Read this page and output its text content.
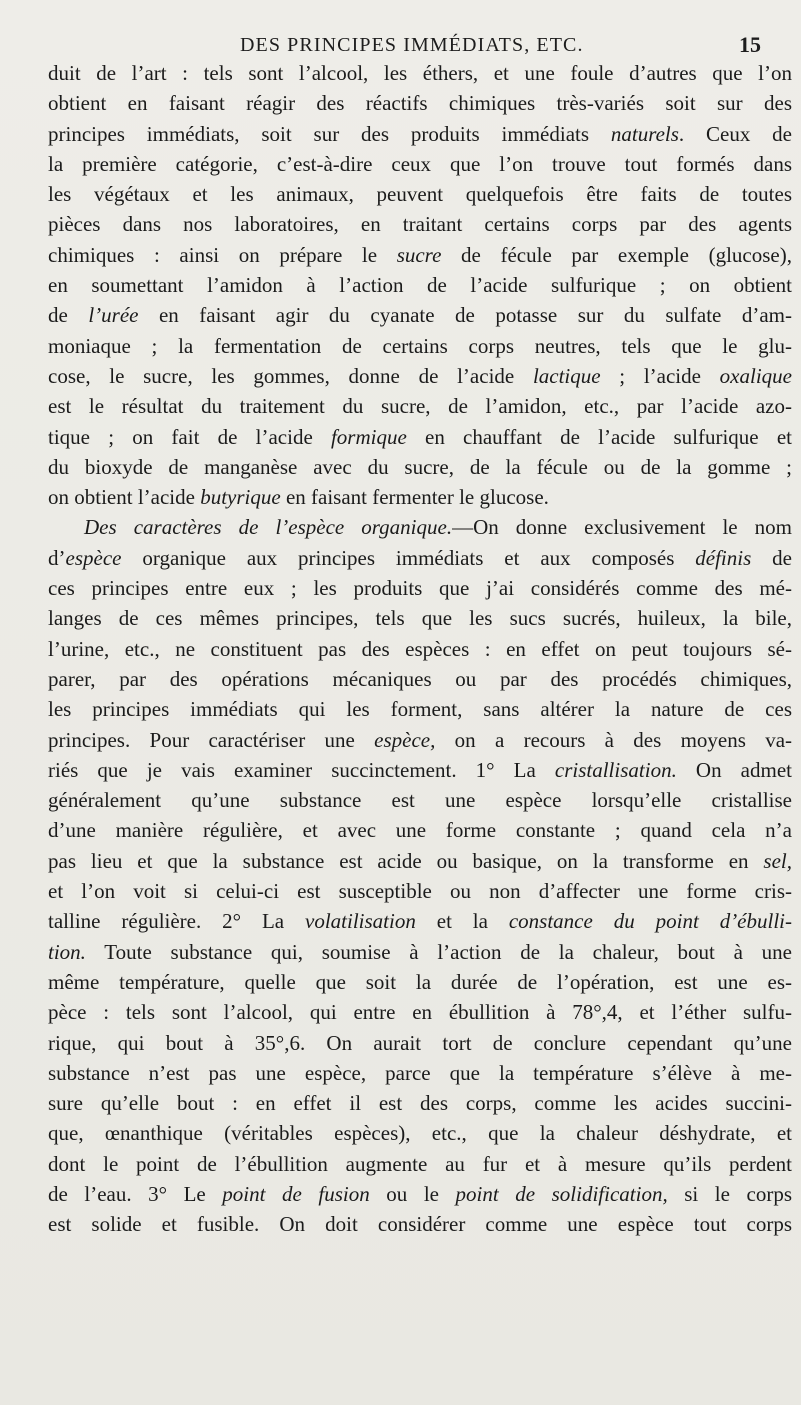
DES PRINCIPES IMMÉDIATS, ETC.	15
duit de l’art : tels sont l’alcool, les éthers, et une foule d’autres que l’on
obtient en faisant réagir des réactifs chimiques très-variés soit sur des
principes immédiats, soit sur des produits immédiats naturels. Ceux de
la première catégorie, c’est-à-dire ceux que l’on trouve tout formés dans
les végétaux et les animaux, peuvent quelquefois être faits de toutes
pièces dans nos laboratoires, en traitant certains corps par des agents
chimiques : ainsi on prépare le sucre de fécule par exemple (glucose),
en soumettant l’amidon à l’action de l’acide sulfurique ; on obtient
de l’urée en faisant agir du cyanate de potasse sur du sulfate d’am-
moniaque ; la fermentation de certains corps neutres, tels que le glu-
cose, le sucre, les gommes, donne de l’acide lactique ; l’acide oxalique
est le résultat du traitement du sucre, de l’amidon, etc., par l’acide azo-
tique ; on fait de l’acide formique en chauffant de l’acide sulfurique et
du bioxyde de manganèse avec du sucre, de la fécule ou de la gomme ;
on obtient l’acide butyrique en faisant fermenter le glucose.
Des caractères de l’espèce organique.—On donne exclusivement le nom
d’espèce organique aux principes immédiats et aux composés définis de
ces principes entre eux ; les produits que j’ai considérés comme des mé-
langes de ces mêmes principes, tels que les sucs sucrés, huileux, la bile,
l’urine, etc., ne constituent pas des espèces : en effet on peut toujours sé-
parer, par des opérations mécaniques ou par des procédés chimiques,
les principes immédiats qui les forment, sans altérer la nature de ces
principes. Pour caractériser une espèce, on a recours à des moyens va-
riés que je vais examiner succinctement. 1° La cristallisation. On admet
généralement qu’une substance est une espèce lorsqu’elle cristallise
d’une manière régulière, et avec une forme constante ; quand cela n’a
pas lieu et que la substance est acide ou basique, on la transforme en sel,
et l’on voit si celui-ci est susceptible ou non d’affecter une forme cris-
talline régulière. 2° La volatilisation et la constance du point d’ébulli-
tion. Toute substance qui, soumise à l’action de la chaleur, bout à une
même température, quelle que soit la durée de l’opération, est une es-
pèce : tels sont l’alcool, qui entre en ébullition à 78°,4, et l’éther sulfu-
rique, qui bout à 35°,6. On aurait tort de conclure cependant qu’une
substance n’est pas une espèce, parce que la température s’élève à me-
sure qu’elle bout : en effet il est des corps, comme les acides succini-
que, œnanthique (véritables espèces), etc., que la chaleur déshydrate, et
dont le point de l’ébullition augmente au fur et à mesure qu’ils perdent
de l’eau. 3° Le point de fusion ou le point de solidification, si le corps
est solide et fusible. On doit considérer comme une espèce tout corps
